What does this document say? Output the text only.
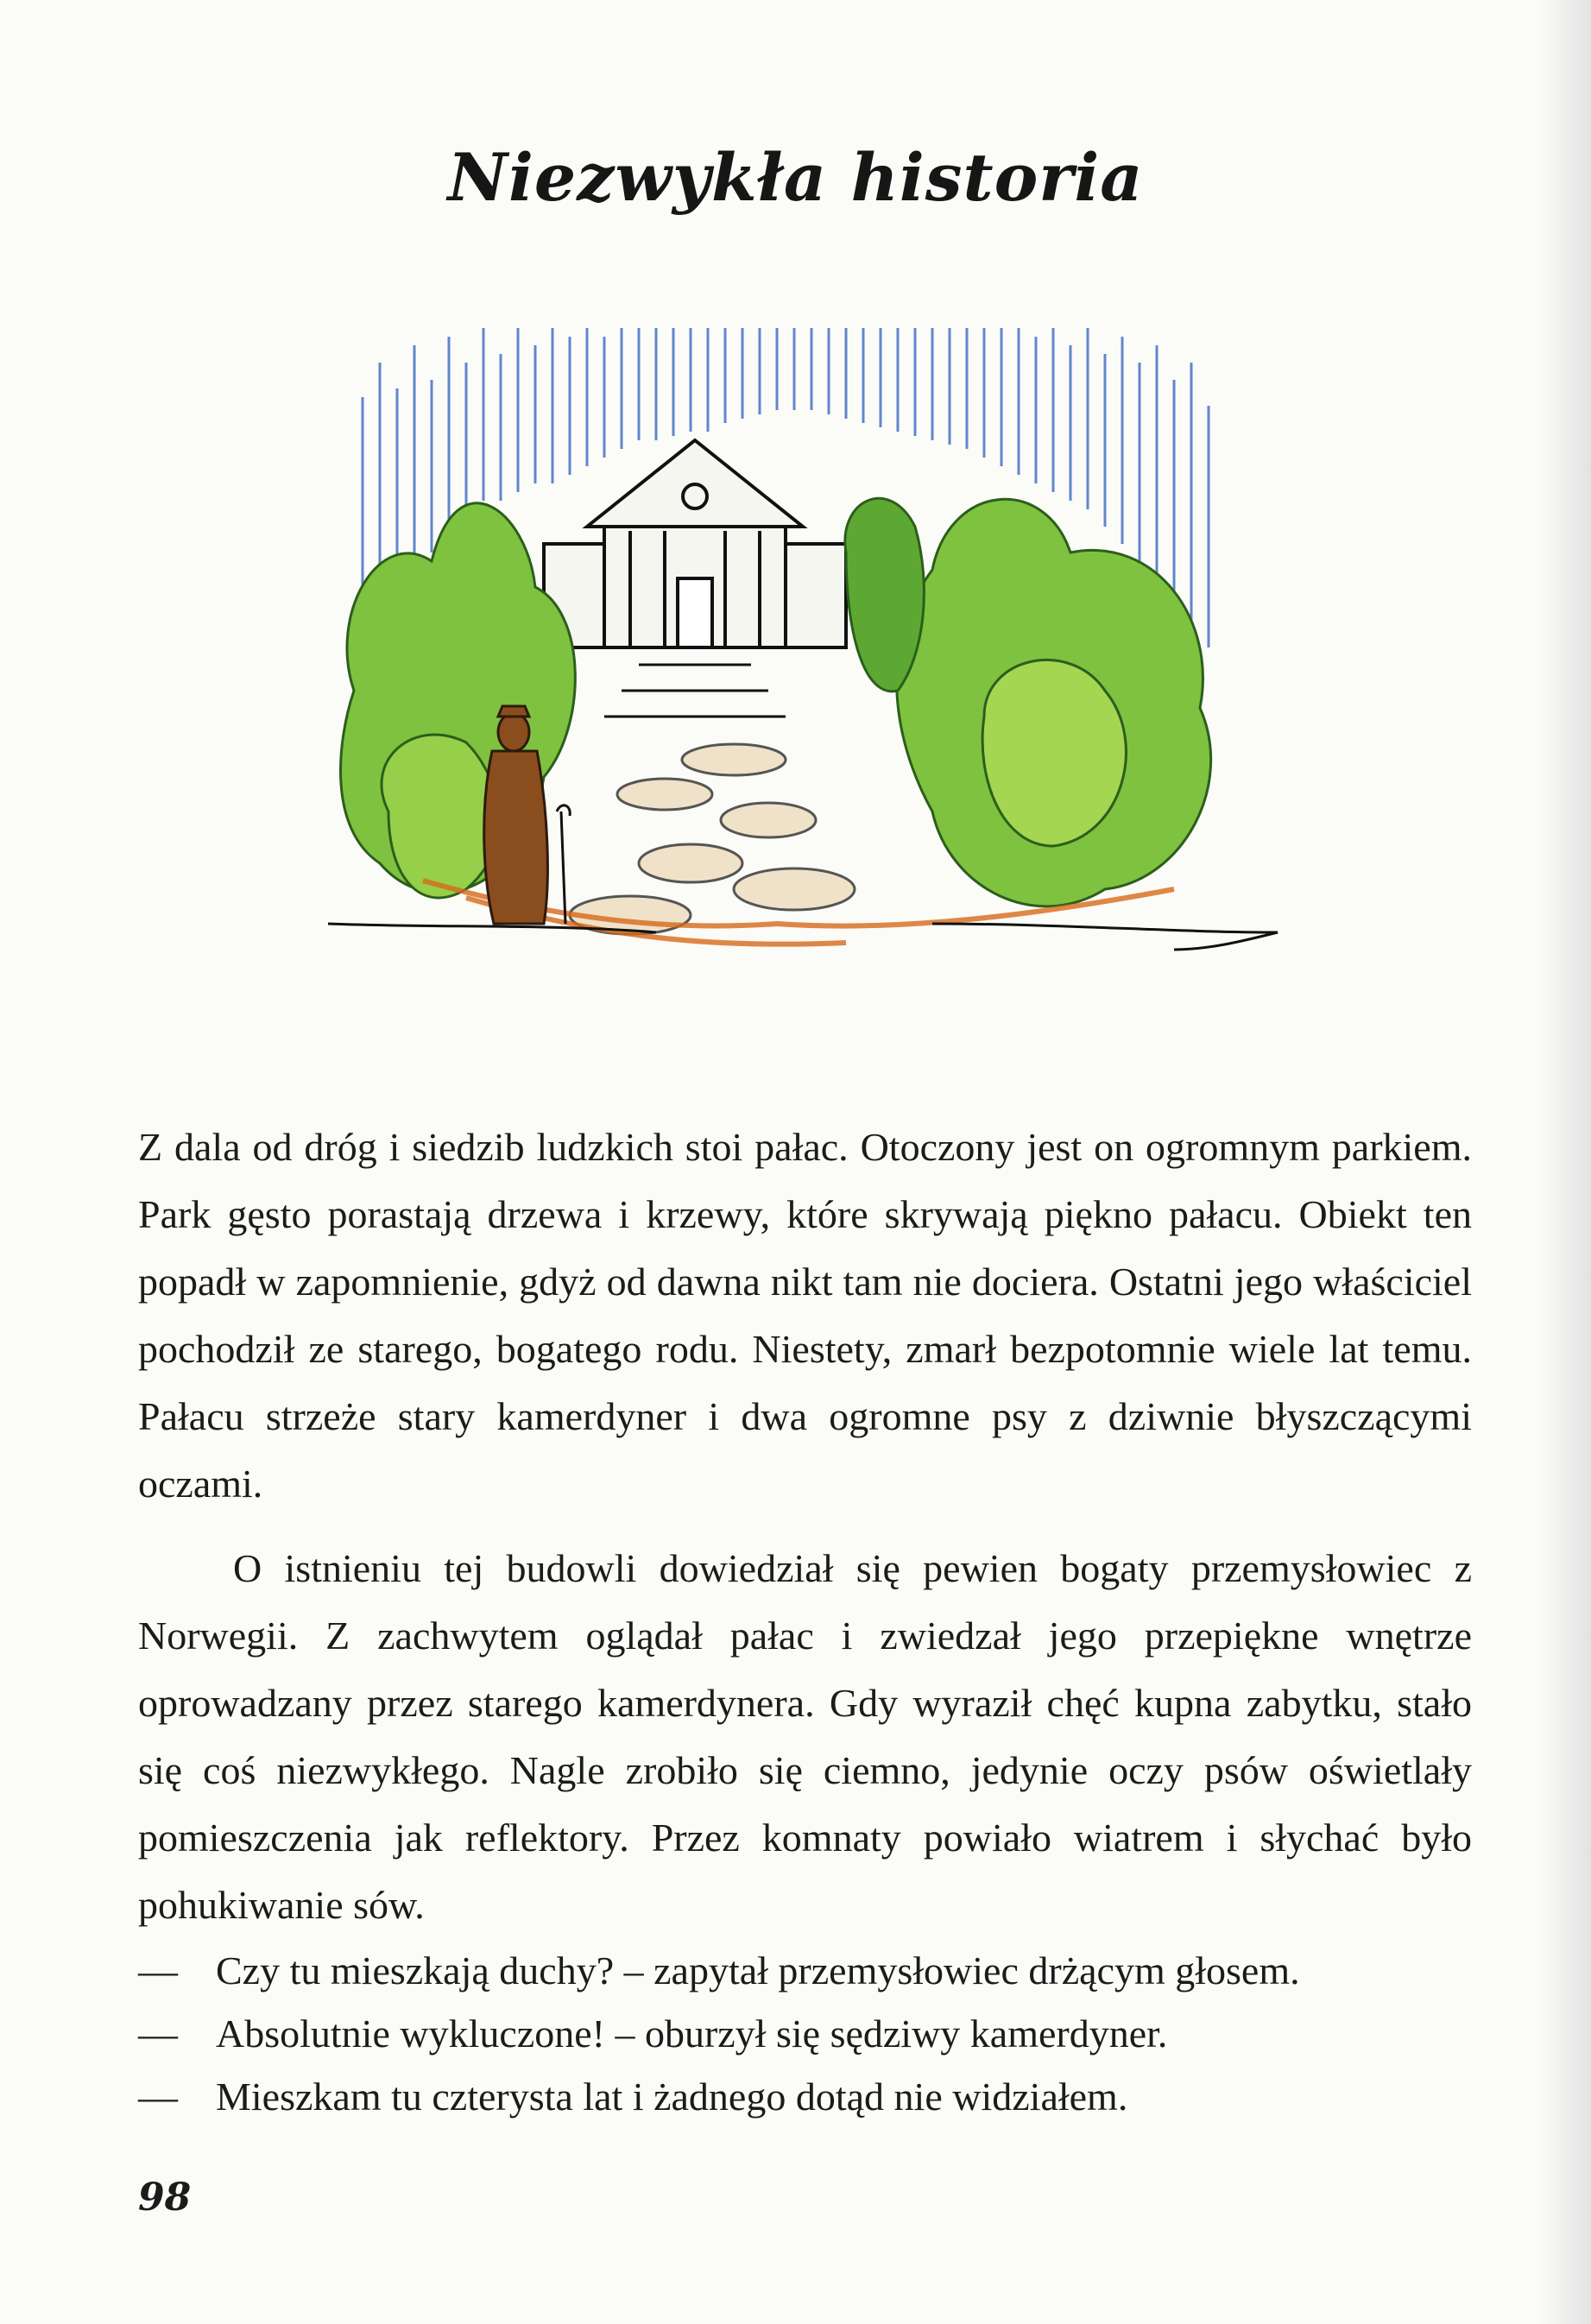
Niezwykła historia

Z dala od dróg i siedzib ludzkich stoi pałac. Otoczony jest on ogromnym parkiem. Park gęsto porastają drzewa i krzewy, które skrywają piękno pałacu. Obiekt ten popadł w zapomnienie, gdyż od dawna nikt tam nie dociera. Ostatni jego właściciel pochodził ze starego, bogatego rodu. Niestety, zmarł bezpotomnie wiele lat temu. Pałacu strzeże stary kamerdyner i dwa ogromne psy z dziwnie błyszczącymi oczami.

O istnieniu tej budowli dowiedział się pewien bogaty przemysłowiec z Norwegii. Z zachwytem oglądał pałac i zwiedzał jego przepiękne wnętrze oprowadzany przez starego kamerdynera. Gdy wyraził chęć kupna zabytku, stało się coś niezwykłego. Nagle zrobiło się ciemno, jedynie oczy psów oświetlały pomieszczenia jak reflektory. Przez komnaty powiało wiatrem i słychać było pohukiwanie sów.

— Czy tu mieszkają duchy? – zapytał przemysłowiec drżącym głosem.
— Absolutnie wykluczone! – oburzył się sędziwy kamerdyner.
— Mieszkam tu czterysta lat i żadnego dotąd nie widziałem.
98
